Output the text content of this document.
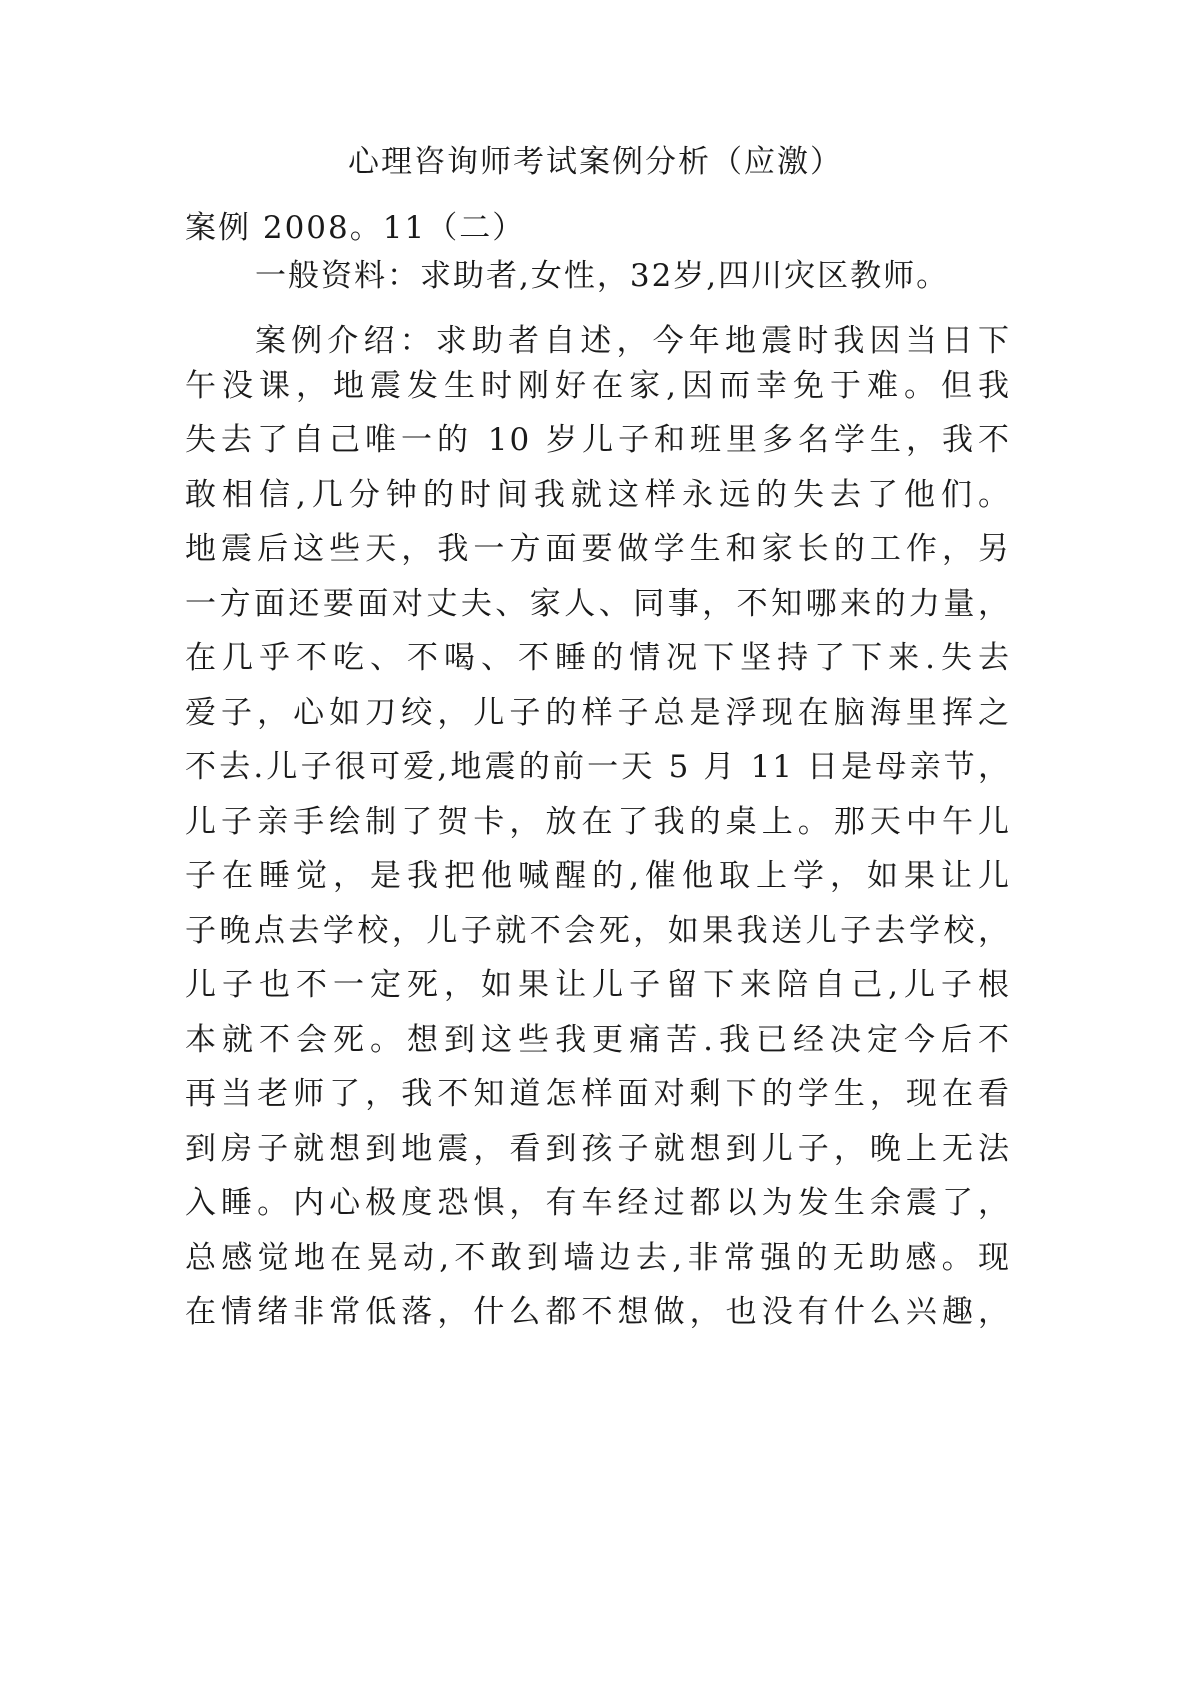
心理咨询师考试案例分析（应激）
案例 2008。11（二）
一般资料：求助者,女性，32岁,四川灾区教师。
案例介绍：求助者自述，今年地震时我因当日下
午没课，地震发生时刚好在家,因而幸免于难。但我
失去了自己唯一的 10 岁儿子和班里多名学生，我不
敢相信,几分钟的时间我就这样永远的失去了他们。
地震后这些天，我一方面要做学生和家长的工作，另
一方面还要面对丈夫、家人、同事，不知哪来的力量，
在几乎不吃、不喝、不睡的情况下坚持了下来.失去
爱子，心如刀绞，儿子的样子总是浮现在脑海里挥之
不去.儿子很可爱,地震的前一天 5 月 11 日是母亲节，
儿子亲手绘制了贺卡，放在了我的桌上。那天中午儿
子在睡觉，是我把他喊醒的,催他取上学，如果让儿
子晚点去学校，儿子就不会死，如果我送儿子去学校，
儿子也不一定死，如果让儿子留下来陪自己,儿子根
本就不会死。想到这些我更痛苦.我已经决定今后不
再当老师了，我不知道怎样面对剩下的学生，现在看
到房子就想到地震，看到孩子就想到儿子，晚上无法
入睡。内心极度恐惧，有车经过都以为发生余震了，
总感觉地在晃动,不敢到墙边去,非常强的无助感。现
在情绪非常低落，什么都不想做，也没有什么兴趣，
